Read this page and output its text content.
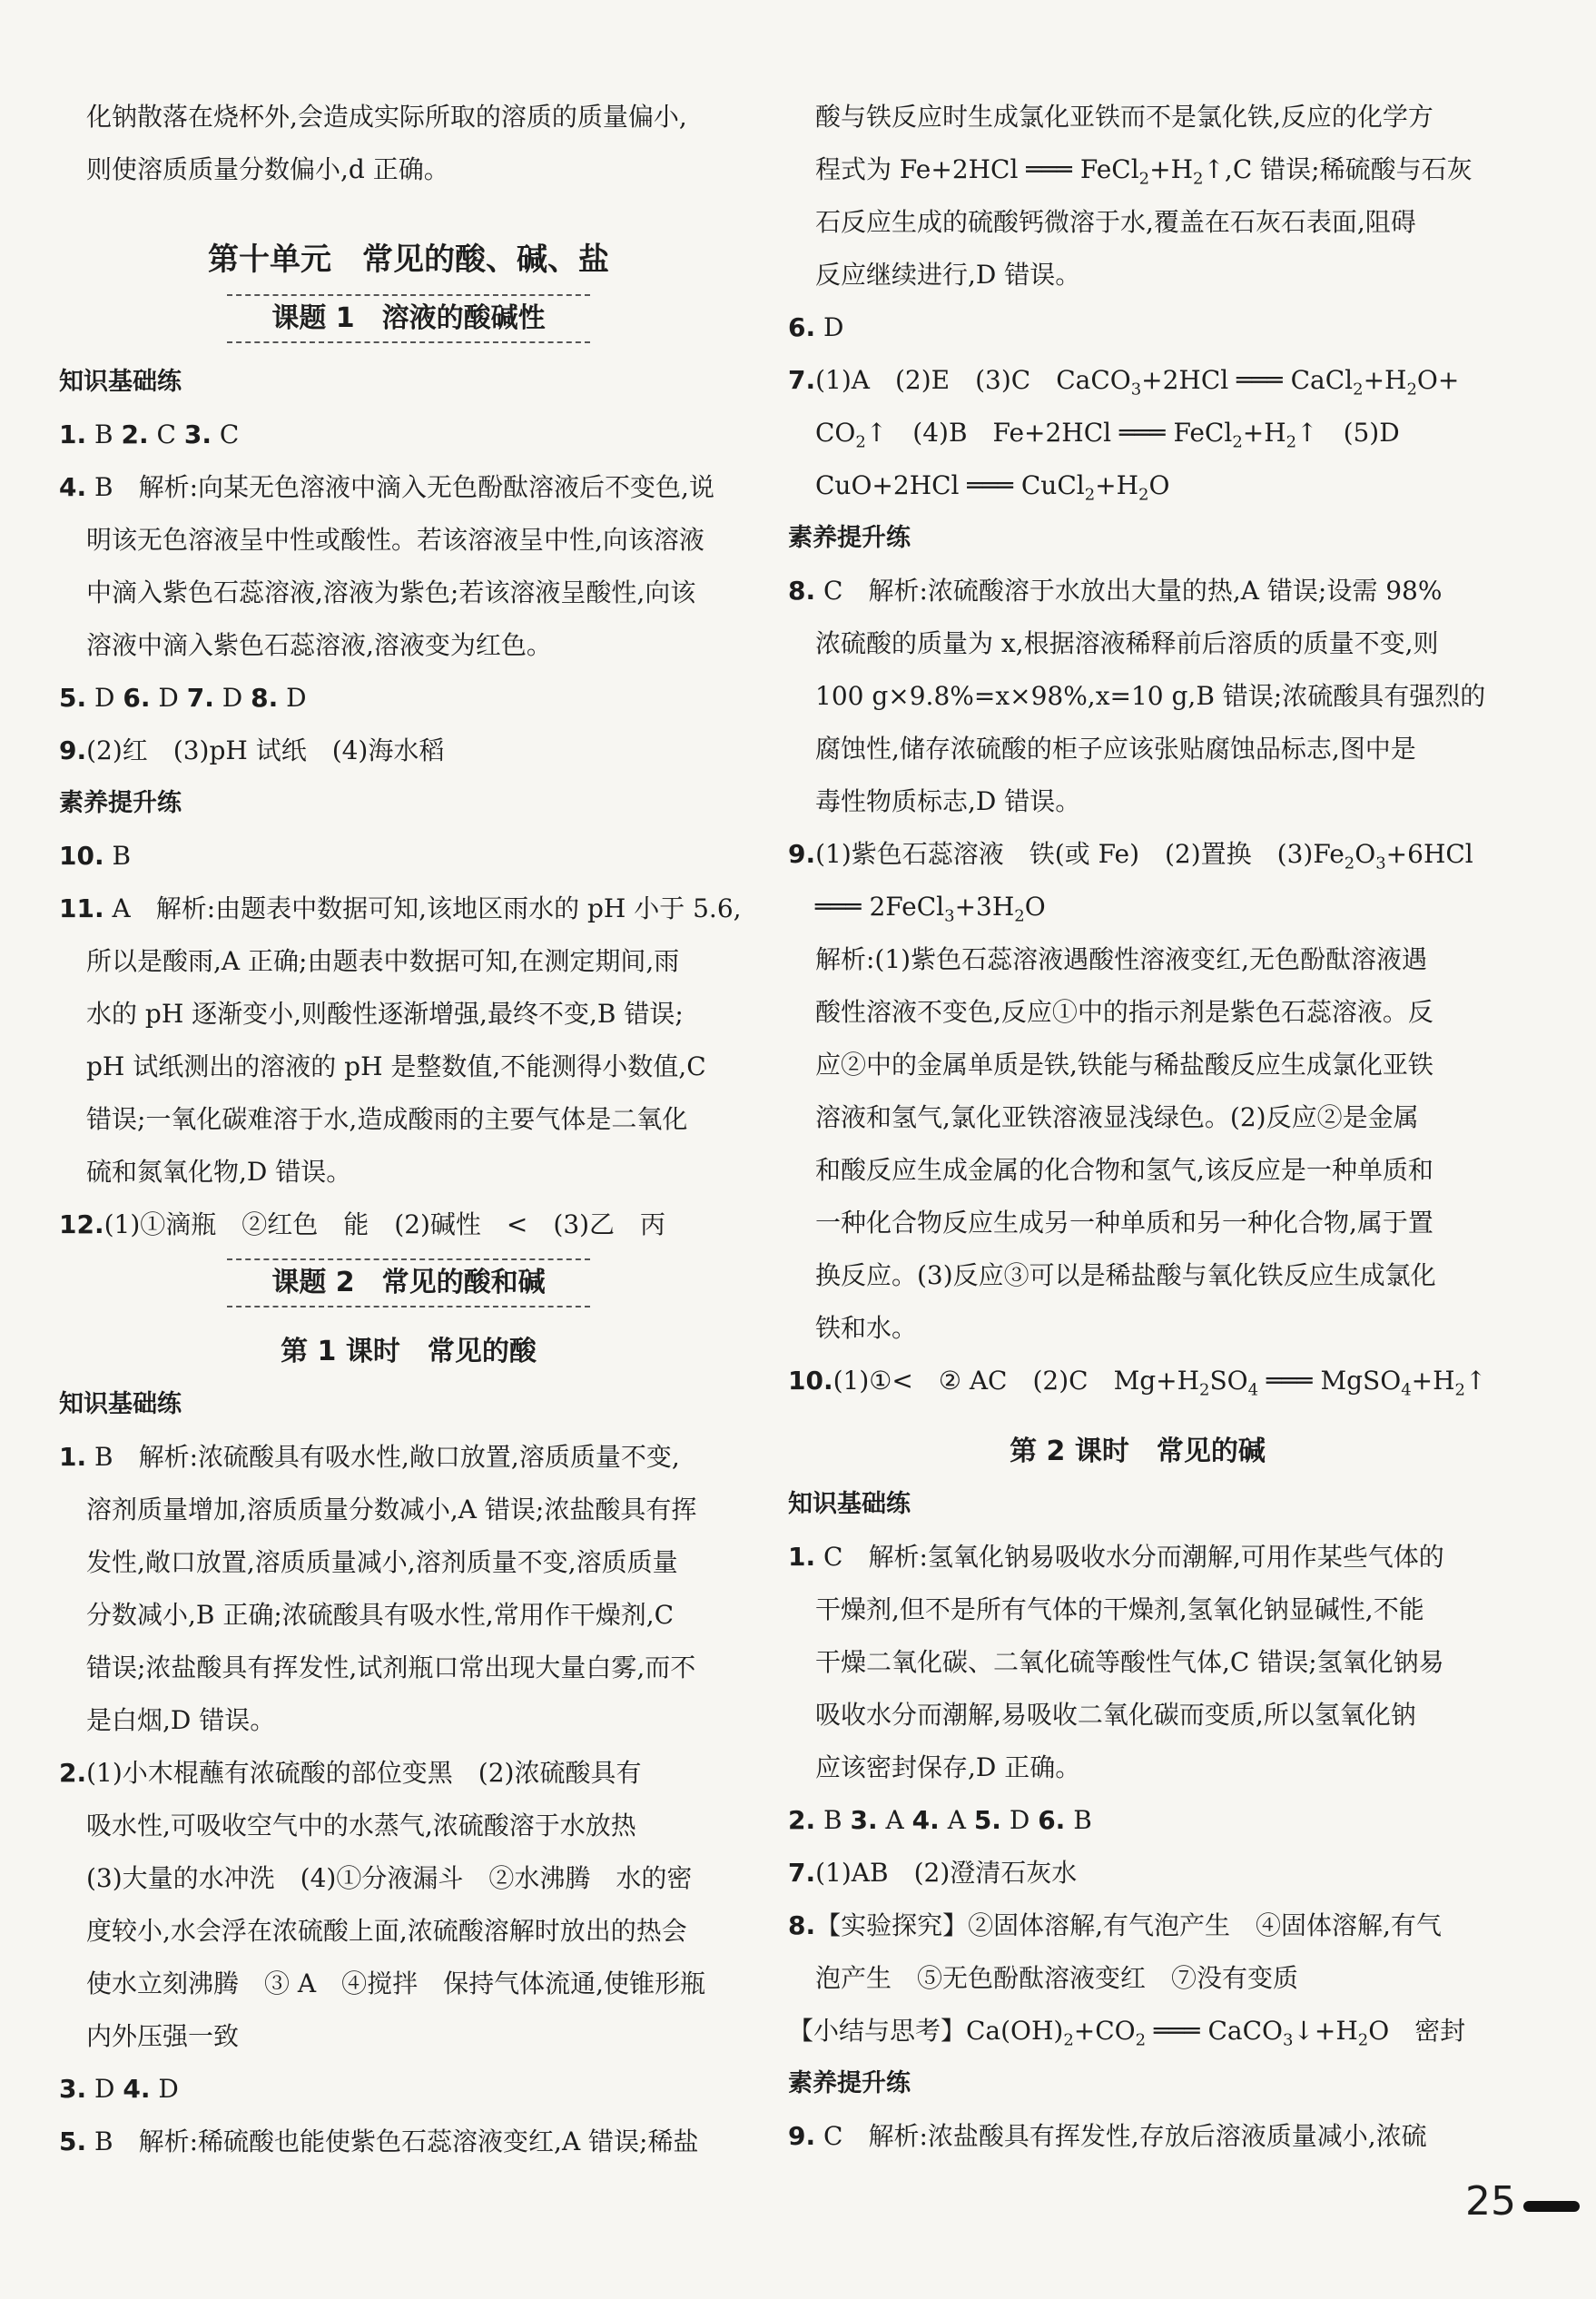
化钠散落在烧杯外,会造成实际所取的溶质的质量偏小,
则使溶质质量分数偏小,d 正确。
第十单元　常见的酸、碱、盐
课题 1　溶液的酸碱性
知识基础练
1. B 2. C 3. C
4. B　解析:向某无色溶液中滴入无色酚酞溶液后不变色,说
明该无色溶液呈中性或酸性。若该溶液呈中性,向该溶液
中滴入紫色石蕊溶液,溶液为紫色;若该溶液呈酸性,向该
溶液中滴入紫色石蕊溶液,溶液变为红色。
5. D 6. D 7. D 8. D
9.(2)红　(3)pH 试纸　(4)海水稻
素养提升练
10. B
11. A　解析:由题表中数据可知,该地区雨水的 pH 小于 5.6,
所以是酸雨,A 正确;由题表中数据可知,在测定期间,雨
水的 pH 逐渐变小,则酸性逐渐增强,最终不变,B 错误;
pH 试纸测出的溶液的 pH 是整数值,不能测得小数值,C
错误;一氧化碳难溶于水,造成酸雨的主要气体是二氧化
硫和氮氧化物,D 错误。
12.(1)①滴瓶　②红色　能　(2)碱性　<　(3)乙　丙
课题 2　常见的酸和碱
第 1 课时　常见的酸
知识基础练
1. B　解析:浓硫酸具有吸水性,敞口放置,溶质质量不变,
溶剂质量增加,溶质质量分数减小,A 错误;浓盐酸具有挥
发性,敞口放置,溶质质量减小,溶剂质量不变,溶质质量
分数减小,B 正确;浓硫酸具有吸水性,常用作干燥剂,C
错误;浓盐酸具有挥发性,试剂瓶口常出现大量白雾,而不
是白烟,D 错误。
2.(1)小木棍蘸有浓硫酸的部位变黑　(2)浓硫酸具有
吸水性,可吸收空气中的水蒸气,浓硫酸溶于水放热
(3)大量的水冲洗　(4)①分液漏斗　②水沸腾　水的密
度较小,水会浮在浓硫酸上面,浓硫酸溶解时放出的热会
使水立刻沸腾　③ A　④搅拌　保持气体流通,使锥形瓶
内外压强一致
3. D 4. D
5. B　解析:稀硫酸也能使紫色石蕊溶液变红,A 错误;稀盐
酸与铁反应时生成氯化亚铁而不是氯化铁,反应的化学方
程式为 Fe+2HCl ═══ $FeCl_2+H_2↑,C$ 错误;稀硫酸与石灰
石反应生成的硫酸钙微溶于水,覆盖在石灰石表面,阻碍
反应继续进行,D 错误。
6. D
7.(1)A　(2)E　(3)C　CaCO$_3$+2HCl ═══ $CaCl_2+H_2O+$
$CO_2↑$　(4)B　Fe+2HCl ═══ $FeCl_2+H_2↑$　(5)D
CuO+2HCl ═══ $CuCl_2+H_2O$
素养提升练
8. C　解析:浓硫酸溶于水放出大量的热,A 错误;设需 98%
浓硫酸的质量为 x,根据溶液稀释前后溶质的质量不变,则
100 g×9.8%=x×98%,x=10 g,B 错误;浓硫酸具有强烈的
腐蚀性,储存浓硫酸的柜子应该张贴腐蚀品标志,图中是
毒性物质标志,D 错误。
9.(1)紫色石蕊溶液　铁(或 Fe)　(2)置换　$(3)Fe_2O_3+6HCl$
═══ $2FeCl_3+3H_2O$
解析:(1)紫色石蕊溶液遇酸性溶液变红,无色酚酞溶液遇
酸性溶液不变色,反应①中的指示剂是紫色石蕊溶液。反
应②中的金属单质是铁,铁能与稀盐酸反应生成氯化亚铁
溶液和氢气,氯化亚铁溶液显浅绿色。(2)反应②是金属
和酸反应生成金属的化合物和氢气,该反应是一种单质和
一种化合物反应生成另一种单质和另一种化合物,属于置
换反应。(3)反应③可以是稀盐酸与氧化铁反应生成氯化
铁和水。
10.(1)①<　② AC　(2)C　$Mg+H_2SO_4$ ═══ $MgSO_4+H_2↑$
第 2 课时　常见的碱
知识基础练
1. C　解析:氢氧化钠易吸收水分而潮解,可用作某些气体的
干燥剂,但不是所有气体的干燥剂,氢氧化钠显碱性,不能
干燥二氧化碳、二氧化硫等酸性气体,C 错误;氢氧化钠易
吸收水分而潮解,易吸收二氧化碳而变质,所以氢氧化钠
应该密封保存,D 正确。
2. B 3. A 4. A 5. D 6. B
7.(1)AB　(2)澄清石灰水
8.【实验探究】②固体溶解,有气泡产生　④固体溶解,有气
泡产生　⑤无色酚酞溶液变红　⑦没有变质
【小结与思考】$Ca(OH)_2+CO_2$ ═══ $CaCO_3↓+H_2O$　密封
素养提升练
9. C　解析:浓盐酸具有挥发性,存放后溶液质量减小,浓硫
25
